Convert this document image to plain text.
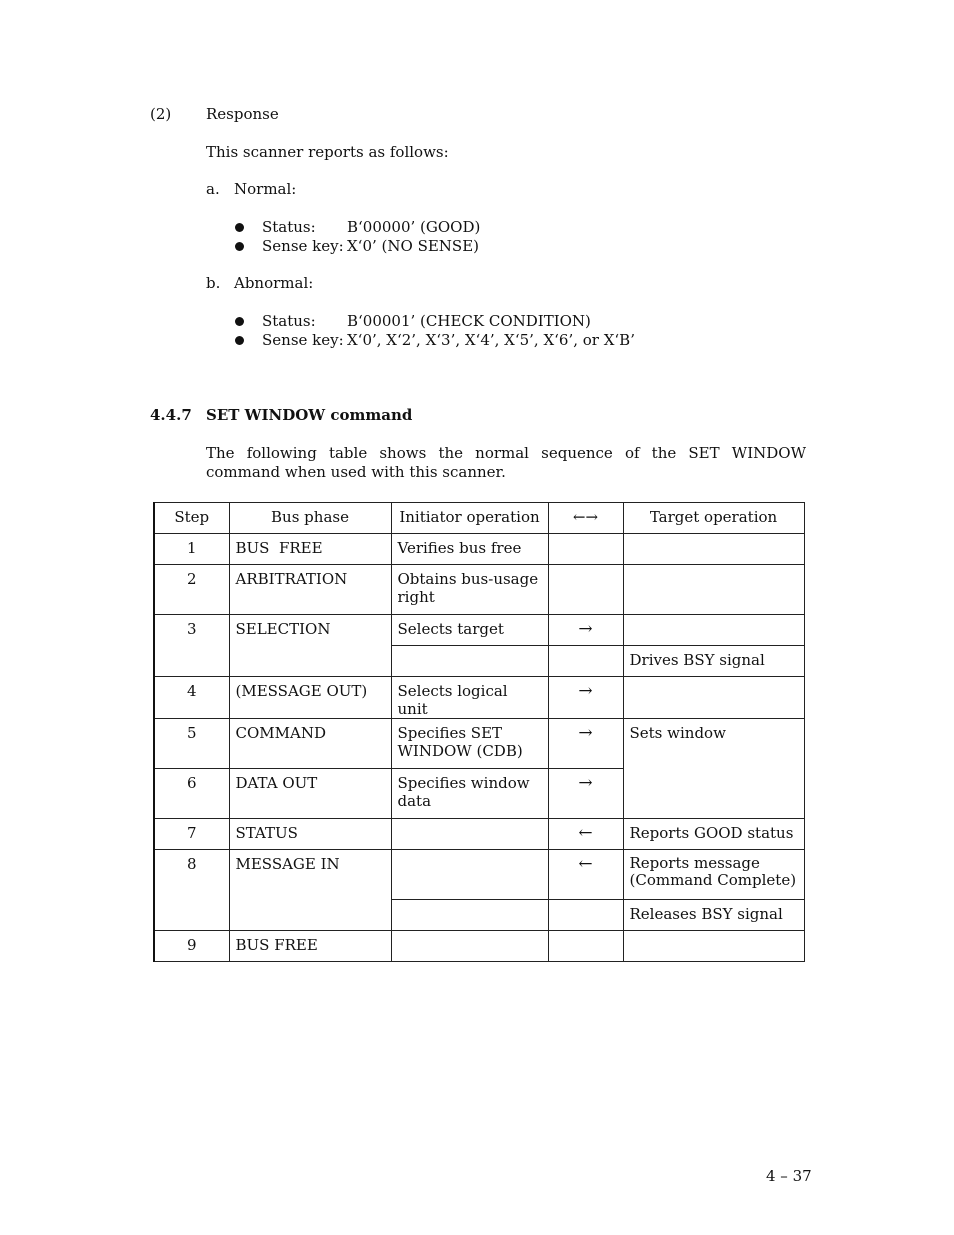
(2) Response
This scanner reports as follows:
a. Normal:
Status: B‘00000’ (GOOD)
Sense key: X‘0’ (NO SENSE)
b. Abnormal:
Status: B‘00001’ (CHECK CONDITION)
Sense key: X‘0’, X‘2’, X‘3’, X‘4’, X‘5’, X‘6’, or X‘B’
4.4.7 SET WINDOW command
The following table shows the normal sequence of the SET WINDOW command when used with this scanner.
Step	Bus phase	Initiator operation	←→	Target operation
1	BUS  FREE	Verifies bus free		
2	ARBITRATION	Obtains bus-usage right		
3	SELECTION	Selects target	→	
				Drives BSY signal
4	(MESSAGE OUT)	Selects logical unit	→	
5	COMMAND	Specifies SET WINDOW (CDB)	→	Sets window
6	DATA OUT	Specifies window data	→	
7	STATUS		←	Reports GOOD status
8	MESSAGE IN		←	Reports message (Command Complete)
				Releases BSY signal
9	BUS FREE			
4 – 37
